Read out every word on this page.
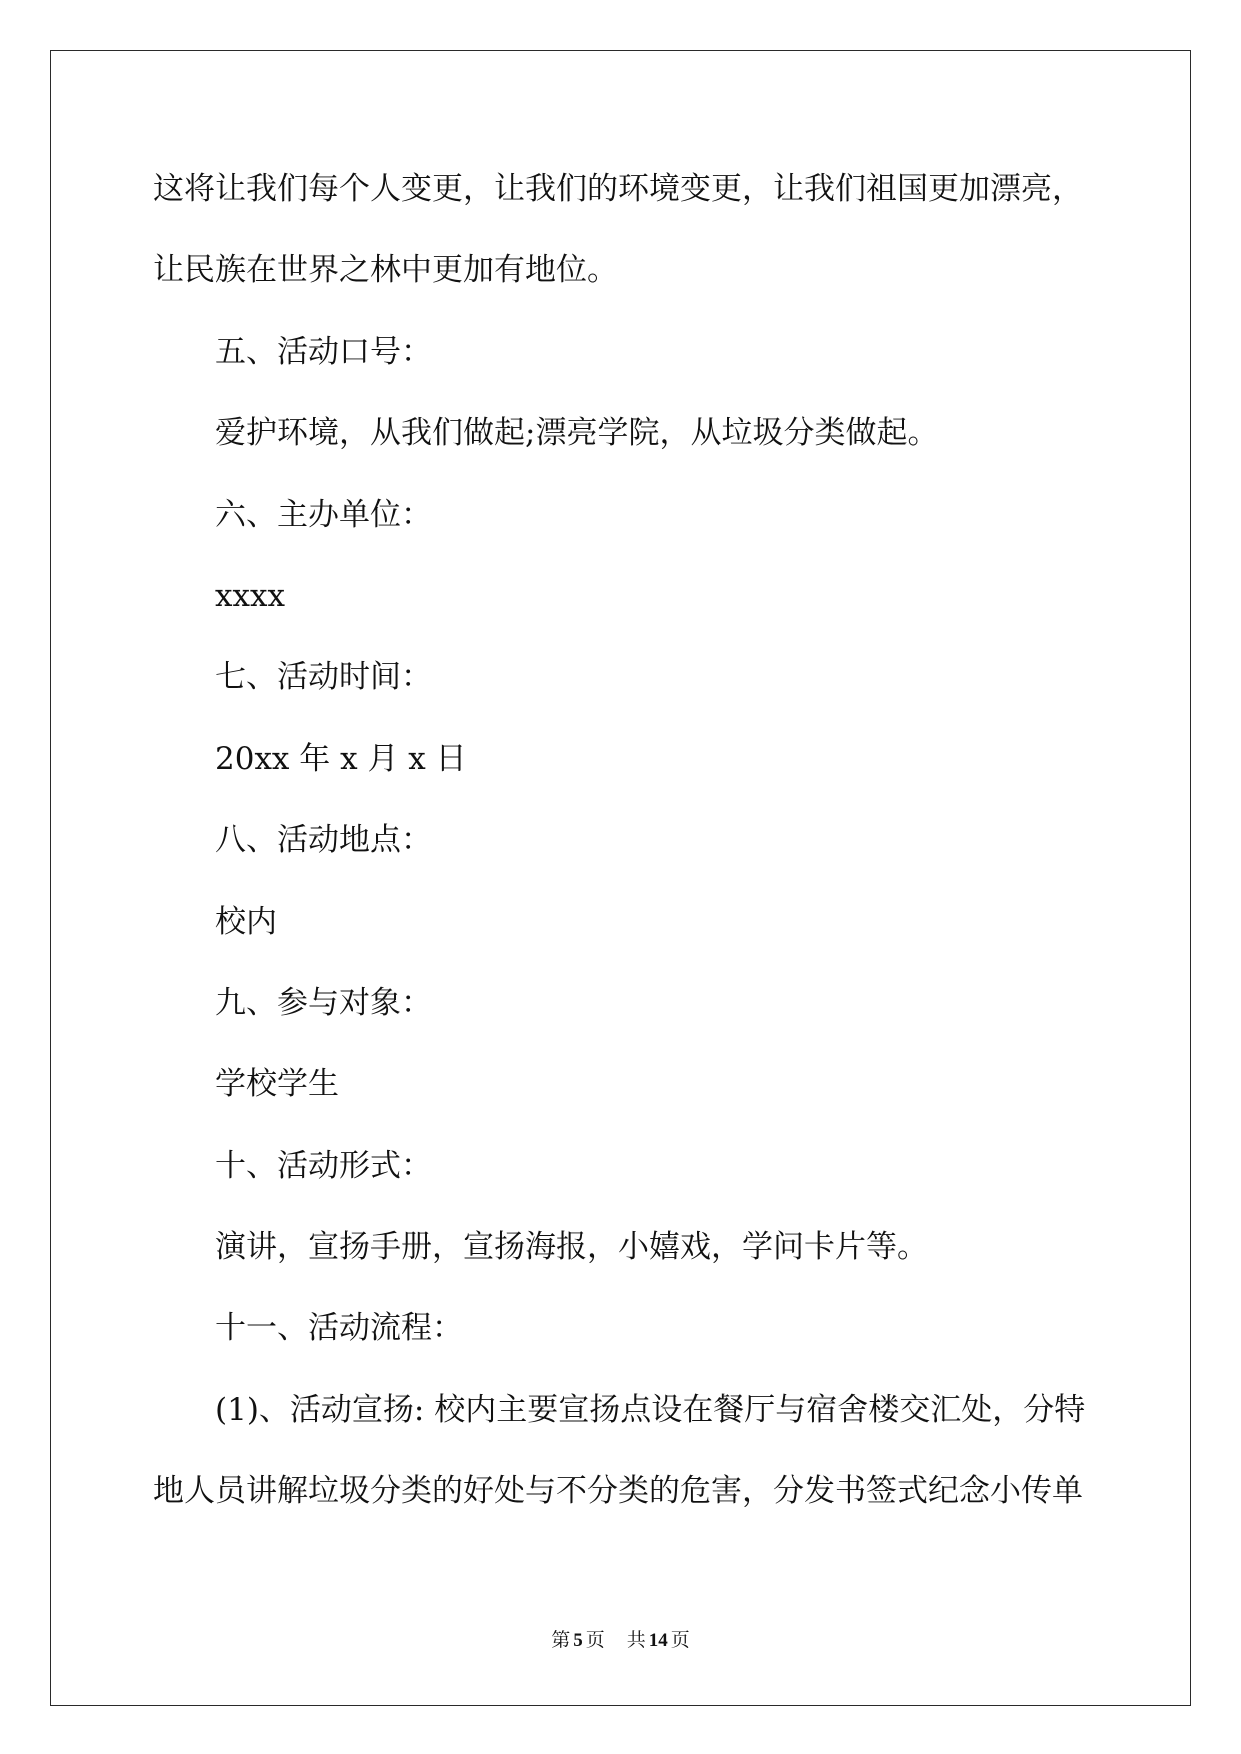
这将让我们每个人变更，让我们的环境变更，让我们祖国更加漂亮，
让民族在世界之林中更加有地位。
五、活动口号：
爱护环境，从我们做起;漂亮学院，从垃圾分类做起。
六、主办单位：
xxxx
七、活动时间：
20xx 年 x 月 x 日
八、活动地点：
校内
九、参与对象：
学校学生
十、活动形式：
演讲，宣扬手册，宣扬海报，小嬉戏，学问卡片等。
十一、活动流程：
(1)、活动宣扬: 校内主要宣扬点设在餐厅与宿舍楼交汇处，分特
地人员讲解垃圾分类的好处与不分类的危害，分发书签式纪念小传单
第 5 页 共 14 页
